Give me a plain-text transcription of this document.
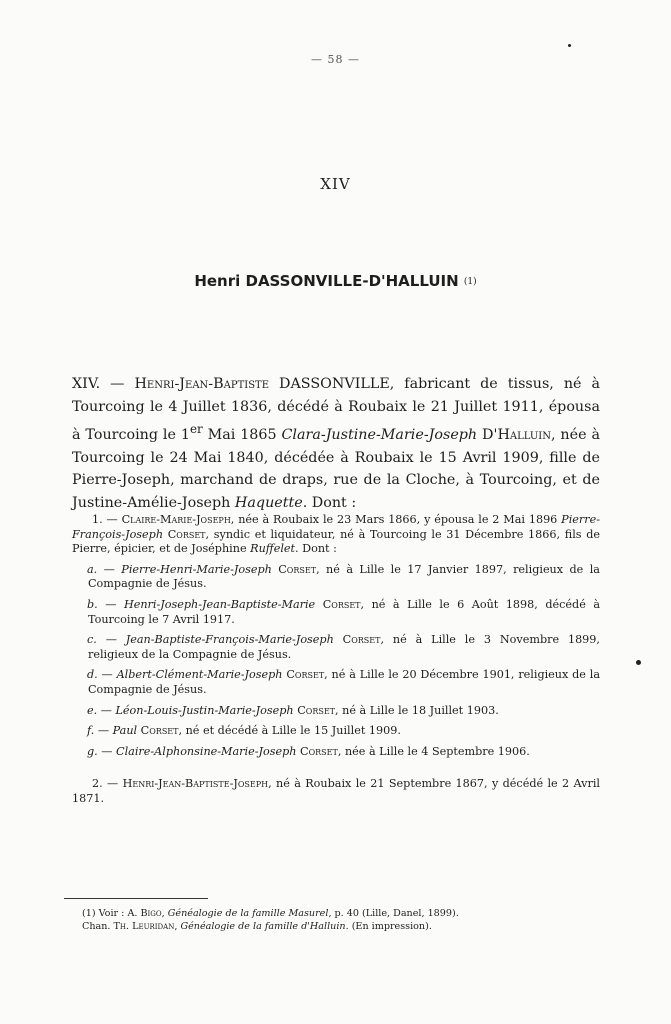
— 58 —
XIV
Henri DASSONVILLE-D'HALLUIN (1)
XIV. — Henri-Jean-Baptiste DASSONVILLE, fabricant de tissus, né à Tourcoing le 4 Juillet 1836, décédé à Roubaix le 21 Juillet 1911, épousa à Tourcoing le 1er Mai 1865 Clara-Justine-Marie-Joseph D'Halluin, née à Tourcoing le 24 Mai 1840, décédée à Roubaix le 15 Avril 1909, fille de Pierre-Joseph, marchand de draps, rue de la Cloche, à Tourcoing, et de Justine-Amélie-Joseph Haquette. Dont :

1. — Claire-Marie-Joseph, née à Roubaix le 23 Mars 1866, y épousa le 2 Mai 1896 Pierre-François-Joseph Corset, syndic et liquidateur, né à Tourcoing le 31 Décembre 1866, fils de Pierre, épicier, et de Joséphine Ruffelet. Dont :

a. — Pierre-Henri-Marie-Joseph Corset, né à Lille le 17 Janvier 1897, religieux de la Compagnie de Jésus.

b. — Henri-Joseph-Jean-Baptiste-Marie Corset, né à Lille le 6 Août 1898, décédé à Tourcoing le 7 Avril 1917.

c. — Jean-Baptiste-François-Marie-Joseph Corset, né à Lille le 3 Novembre 1899, religieux de la Compagnie de Jésus.

d. — Albert-Clément-Marie-Joseph Corset, né à Lille le 20 Décembre 1901, religieux de la Compagnie de Jésus.

e. — Léon-Louis-Justin-Marie-Joseph Corset, né à Lille le 18 Juillet 1903.

f. — Paul Corset, né et décédé à Lille le 15 Juillet 1909.

g. — Claire-Alphonsine-Marie-Joseph Corset, née à Lille le 4 Septembre 1906.

2. — Henri-Jean-Baptiste-Joseph, né à Roubaix le 21 Septembre 1867, y décédé le 2 Avril 1871.

(1) Voir : A. Bigo, Généalogie de la famille Masurel, p. 40 (Lille, Danel, 1899).

Chan. Th. Leuridan, Généalogie de la famille d'Halluin. (En impression).
